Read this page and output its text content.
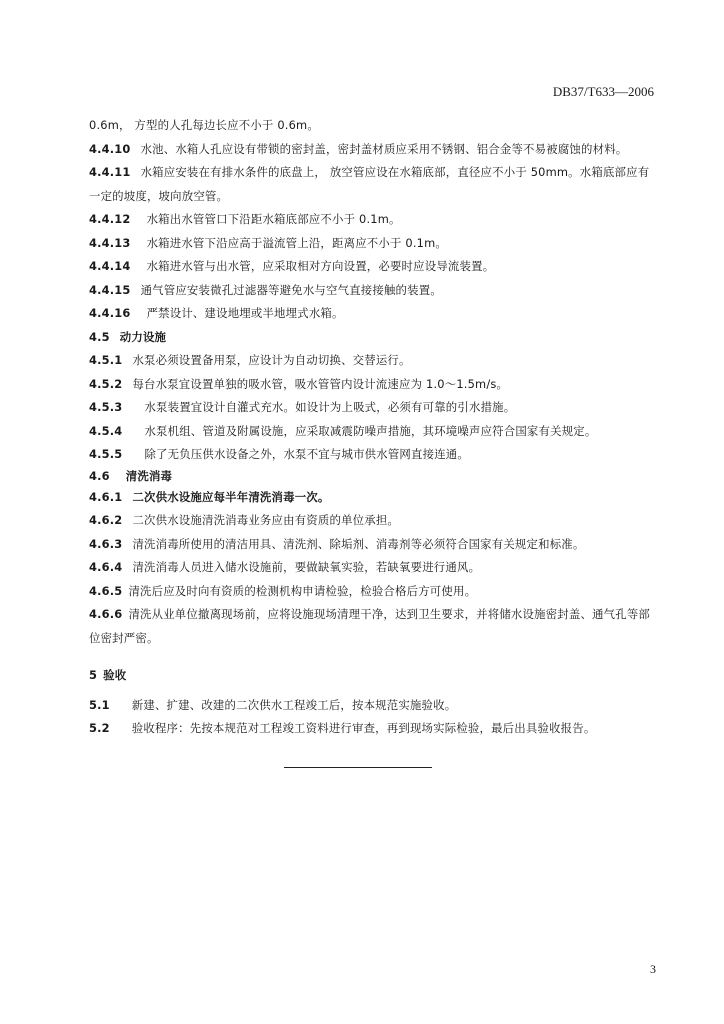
DB37/T633—2006
0.6m， 方型的人孔每边长应不小于 0.6m。
4.4.10 水池、水箱人孔应设有带锁的密封盖，密封盖材质应采用不锈钢、铝合金等不易被腐蚀的材料。
4.4.11 水箱应安装在有排水条件的底盘上， 放空管应设在水箱底部，直径应不小于 50mm。水箱底部应有一定的坡度，坡向放空管。
4.4.12 水箱出水管管口下沿距水箱底部应不小于 0.1m。
4.4.13 水箱进水管下沿应高于溢流管上沿，距离应不小于 0.1m。
4.4.14 水箱进水管与出水管，应采取相对方向设置，必要时应设导流装置。
4.4.15 通气管应安装微孔过滤器等避免水与空气直接接触的装置。
4.4.16 严禁设计、建设地埋或半地埋式水箱。
4.5 动力设施
4.5.1 水泵必须设置备用泵，应设计为自动切换、交替运行。
4.5.2 每台水泵宜设置单独的吸水管，吸水管管内设计流速应为 1.0～1.5m/s。
4.5.3 水泵装置宜设计自灌式充水。如设计为上吸式，必须有可靠的引水措施。
4.5.4 水泵机组、管道及附属设施，应采取减震防噪声措施，其环境噪声应符合国家有关规定。
4.5.5 除了无负压供水设备之外，水泵不宜与城市供水管网直接连通。
4.6 清洗消毒
4.6.1 二次供水设施应每半年清洗消毒一次。
4.6.2 二次供水设施清洗消毒业务应由有资质的单位承担。
4.6.3 清洗消毒所使用的清洁用具、清洗剂、除垢剂、消毒剂等必须符合国家有关规定和标准。
4.6.4 清洗消毒人员进入储水设施前，要做缺氧实验，若缺氧要进行通风。
4.6.5 清洗后应及时向有资质的检测机构申请检验，检验合格后方可使用。
4.6.6 清洗从业单位撤离现场前，应将设施现场清理干净，达到卫生要求，并将储水设施密封盖、通气孔等部位密封严密。
5 验收
5.1 新建、扩建、改建的二次供水工程竣工后，按本规范实施验收。
5.2 验收程序：先按本规范对工程竣工资料进行审查，再到现场实际检验，最后出具验收报告。
3
